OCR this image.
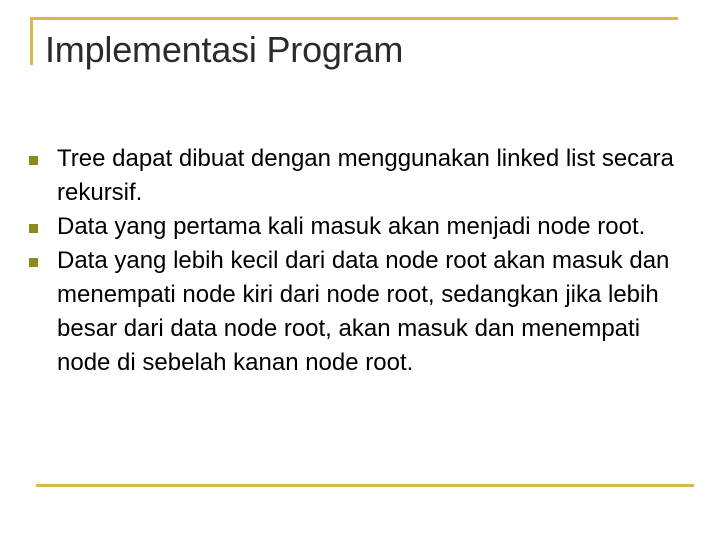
Implementasi Program
Tree dapat dibuat dengan menggunakan linked list secara rekursif.
Data yang pertama kali masuk akan menjadi node root.
Data yang lebih kecil dari data node root akan masuk dan menempati node kiri dari node root, sedangkan jika lebih besar dari data node root, akan masuk dan menempati node di sebelah kanan node root.
